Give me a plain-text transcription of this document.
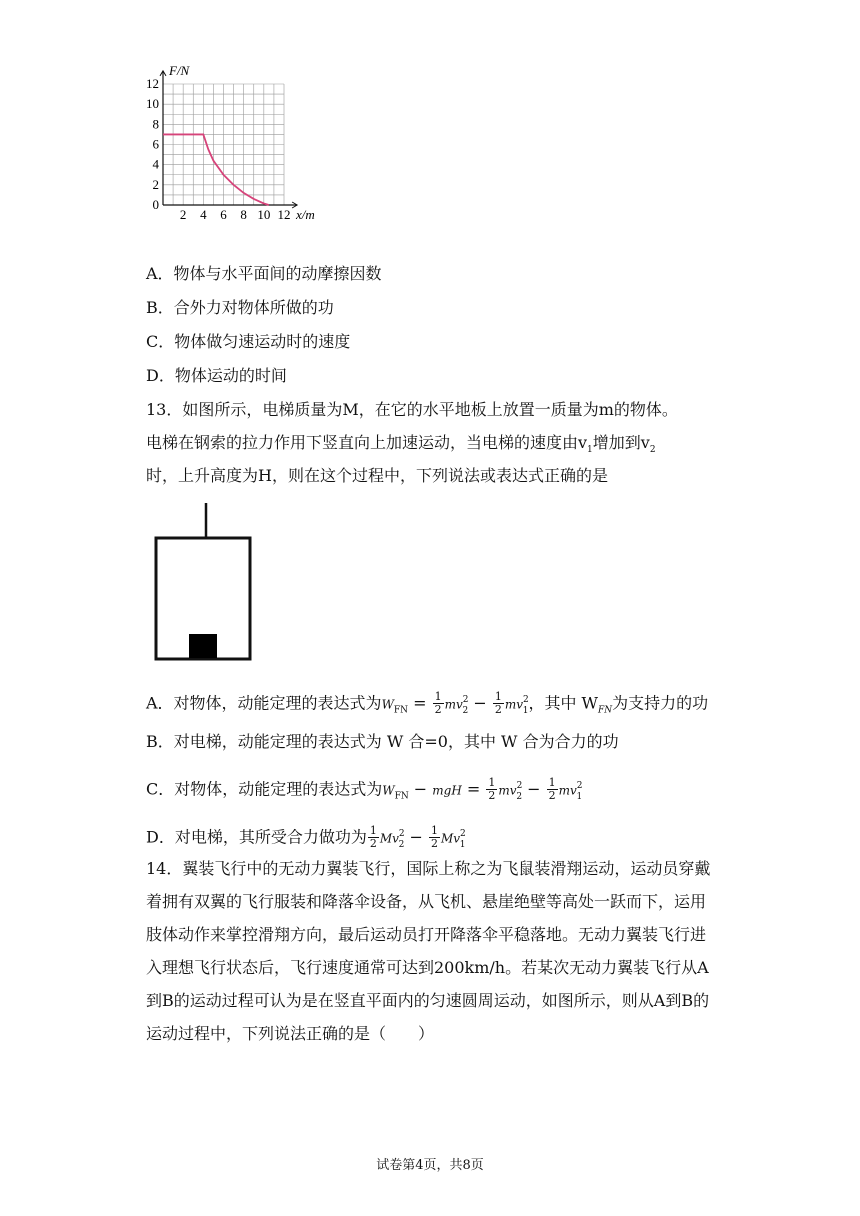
0
2
4
6
8
10
12
2 4 6 8 10 12
F/N
x/m
A．物体与水平面间的动摩擦因数
B．合外力对物体所做的功
C．物体做匀速运动时的速度
D．物体运动的时间
13．如图所示，电梯质量为M，在它的水平地板上放置一质量为m的物体。
电梯在钢索的拉力作用下竖直向上加速运动，当电梯的速度由$v_1$增加到$v_2$
时，上升高度为H，则在这个过程中，下列说法或表达式正确的是
A．对物体，动能定理的表达式为$W_{FN} = \frac{1}{2} mv^2_2 - \frac{1}{2} mv^2_1$，其中 $W_{FN}$为支持力的功
B．对电梯，动能定理的表达式为 W 合=0，其中 W 合为合力的功
C．对物体，动能定理的表达式为$W_{FN}$ − mgH = $\frac{1}{2} mv^2_2 - \frac{1}{2} mv^2_1$
D．对电梯，其所受合力做功为 $\frac{1}{2} Mv^2_2 - \frac{1}{2} Mv^2_1$
14．翼装飞行中的无动力翼装飞行，国际上称之为飞鼠装滑翔运动，运动员穿戴着拥有双翼的飞行服装和降落伞设备，从飞机、悬崖绝壁等高处一跃而下，运用肢体动作来掌控滑翔方向，最后运动员打开降落伞平稳落地。无动力翼装飞行进入理想飞行状态后，飞行速度通常可达到200km/h。若某次无动力翼装飞行从A到B的运动过程可认为是在竖直平面内的匀速圆周运动，如图所示，则从A到B的运动过程中，下列说法正确的是（　　）
试卷第4页，共8页
